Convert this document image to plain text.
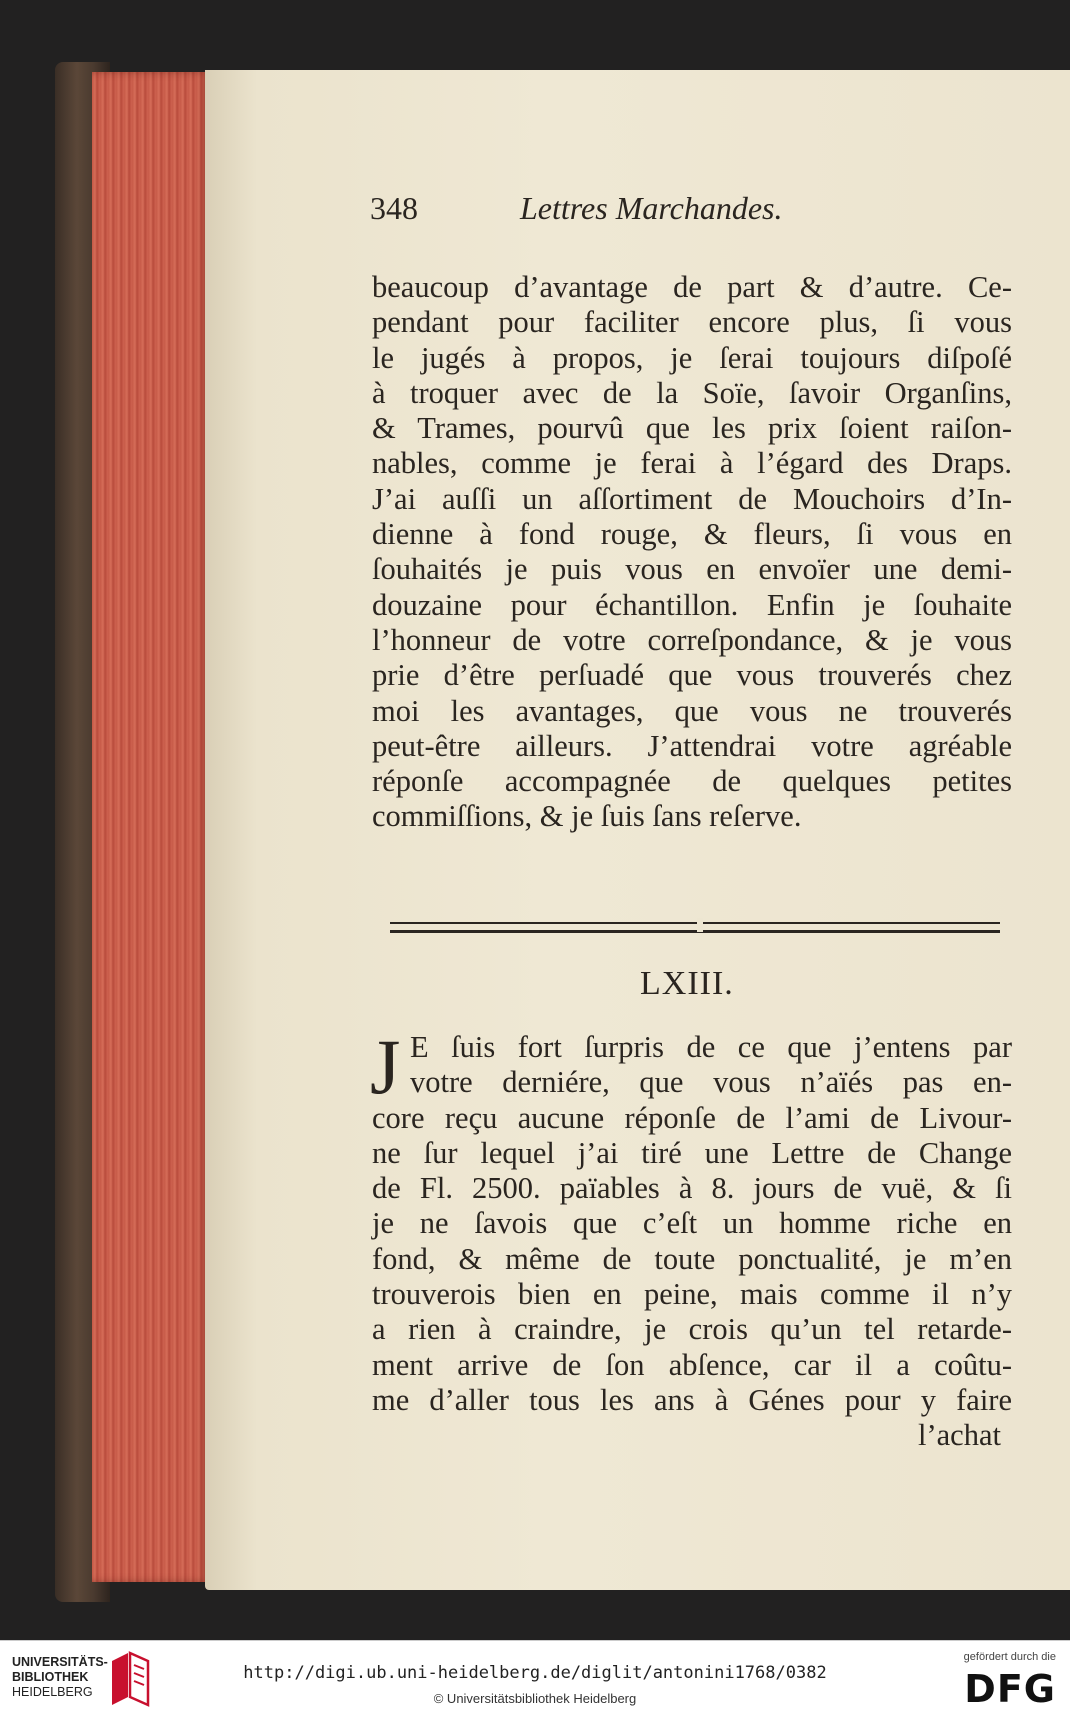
348	Lettres Marchandes.
beaucoup d’avantage de part & d’autre. Ce-
pendant pour faciliter encore plus, ſi vous
le jugés à propos, je ſerai toujours diſpoſé
à troquer avec de la Soïe, ſavoir Organſins,
& Trames, pourvû que les prix ſoient raiſon-
nables, comme je ferai à l’égard des Draps.
J’ai auſſi un aſſortiment de Mouchoirs d’In-
dienne à fond rouge, & fleurs, ſi vous en
ſouhaités je puis vous en envoïer une demi-
douzaine pour échantillon. Enfin je ſouhaite
l’honneur de votre correſpondance, & je vous
prie d’être perſuadé que vous trouverés chez
moi les avantages, que vous ne trouverés
peut-être ailleurs. J’attendrai votre agréable
réponſe accompagnée de quelques petites
commiſſions, & je ſuis ſans reſerve.
LXIII.
J E ſuis fort ſurpris de ce que j’entens par
votre derniére, que vous n’aïés pas en-
core reçu aucune réponſe de l’ami de Livour-
ne ſur lequel j’ai tiré une Lettre de Change
de Fl. 2500. païables à 8. jours de vuë, & ſi
je ne ſavois que c’eſt un homme riche en
fond, & même de toute ponctualité, je m’en
trouverois bien en peine, mais comme il n’y
a rien à craindre, je crois qu’un tel retarde-
ment arrive de ſon abſence, car il a coûtu-
me d’aller tous les ans à Génes pour y faire
l’achat
UNIVERSITÄTS-
BIBLIOTHEK
HEIDELBERG
http://digi.ub.uni-heidelberg.de/diglit/antonini1768/0382
© Universitätsbibliothek Heidelberg
gefördert durch die
DFG
